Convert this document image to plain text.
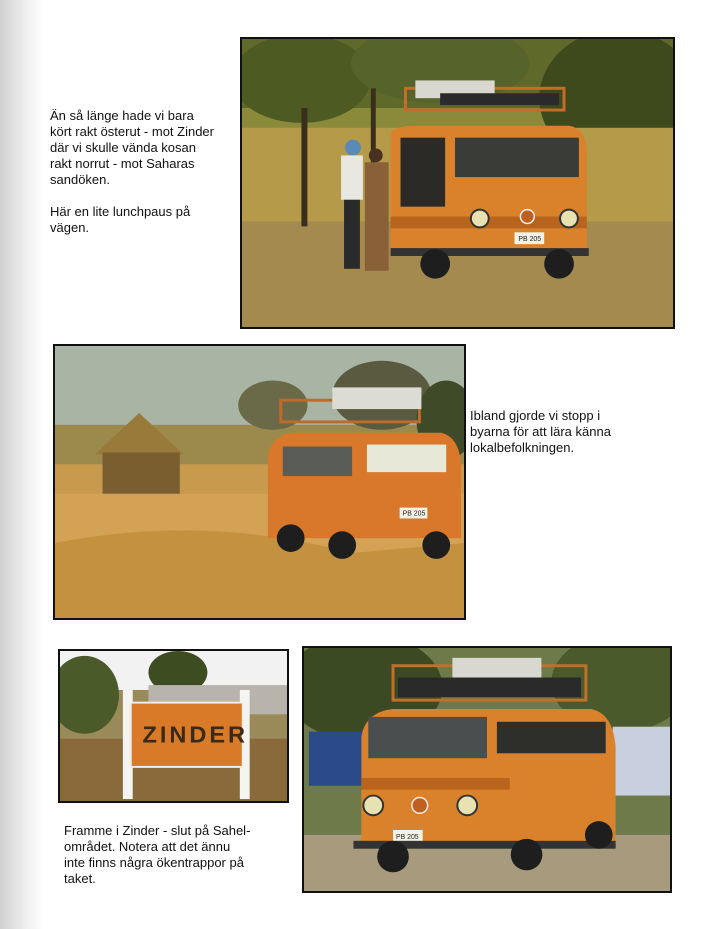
Än så länge hade vi bara
kört rakt österut - mot Zinder
där vi skulle vända kosan
rakt norrut - mot Saharas
sandöken.

Här en lite lunchpaus på
vägen.
PB 205
PB 205
Ibland gjorde vi stopp i
byarna för att lära känna
lokalbefolkningen.
ZINDER
PB 205
Framme i Zinder - slut på Sahel-
området. Notera att det ännu
inte finns några ökentrappor på
taket.
